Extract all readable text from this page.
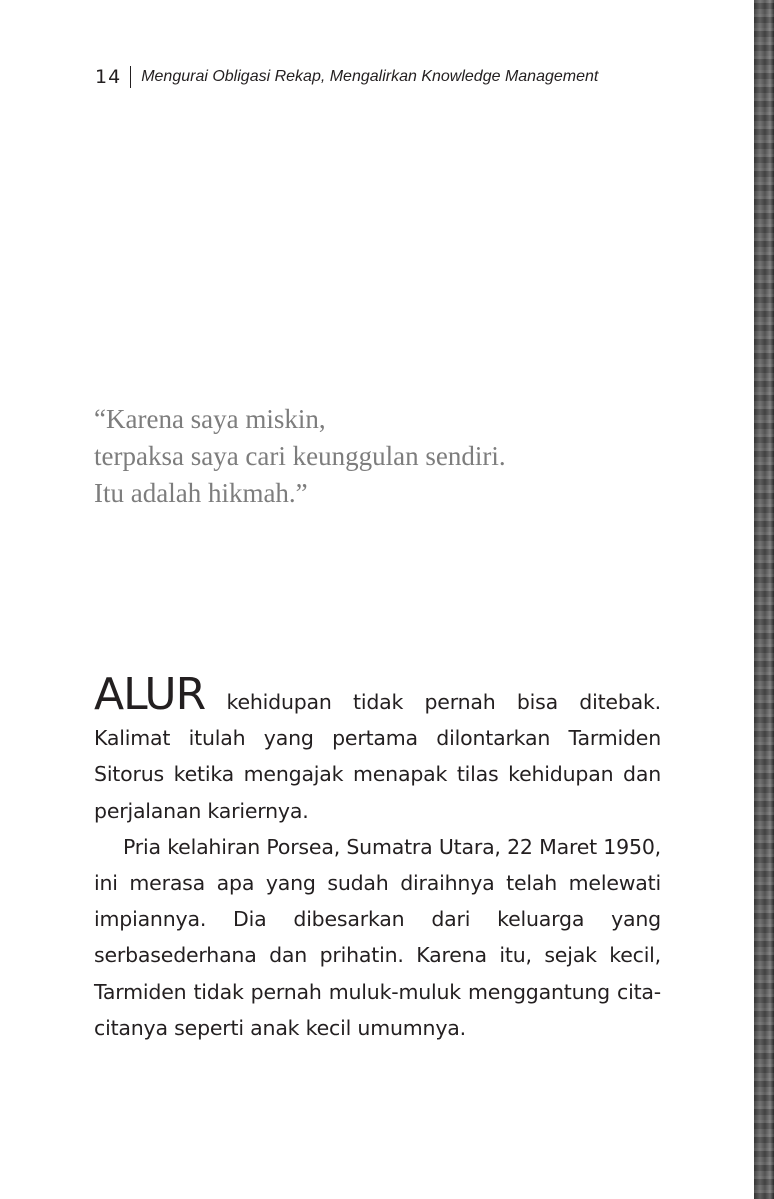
14 Mengurai Obligasi Rekap, Mengalirkan Knowledge Management
“Karena saya miskin,
terpaksa saya cari keunggulan sendiri.
Itu adalah hikmah.”

ALUR kehidupan tidak pernah bisa ditebak. Kalimat itulah yang pertama dilontarkan Tarmiden Sitorus ketika mengajak menapak tilas kehidupan dan perjalanan kariernya.

Pria kelahiran Porsea, Sumatra Utara, 22 Maret 1950, ini merasa apa yang sudah diraihnya telah melewati impiannya. Dia dibesarkan dari keluarga yang serbasederhana dan prihatin. Karena itu, sejak kecil, Tarmiden tidak pernah muluk-muluk menggantung cita-citanya seperti anak kecil umumnya.
